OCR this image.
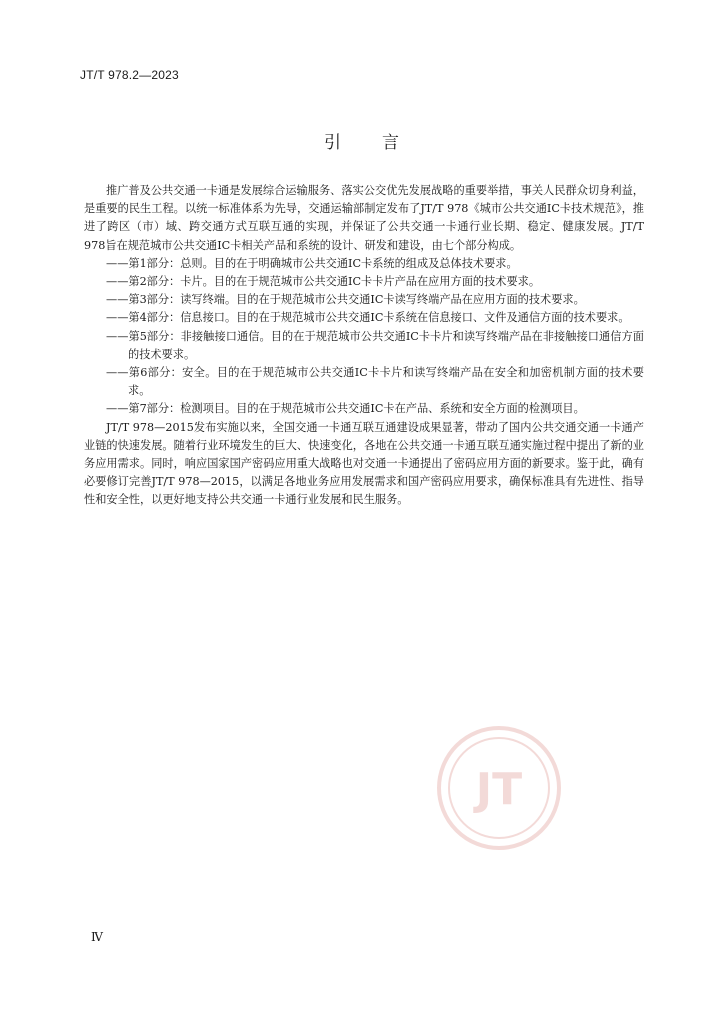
JT/T 978.2—2023
引 言

推广普及公共交通一卡通是发展综合运输服务、落实公交优先发展战略的重要举措，事关人民群众切身利益，是重要的民生工程。以统一标准体系为先导，交通运输部制定发布了JT/T 978《城市公共交通IC卡技术规范》，推进了跨区（市）域、跨交通方式互联互通的实现，并保证了公共交通一卡通行业长期、稳定、健康发展。JT/T 978旨在规范城市公共交通IC卡相关产品和系统的设计、研发和建设，由七个部分构成。

——第1部分：总则。目的在于明确城市公共交通IC卡系统的组成及总体技术要求。

——第2部分：卡片。目的在于规范城市公共交通IC卡卡片产品在应用方面的技术要求。

——第3部分：读写终端。目的在于规范城市公共交通IC卡读写终端产品在应用方面的技术要求。

——第4部分：信息接口。目的在于规范城市公共交通IC卡系统在信息接口、文件及通信方面的技术要求。

——第5部分：非接触接口通信。目的在于规范城市公共交通IC卡卡片和读写终端产品在非接触接口通信方面的技术要求。

——第6部分：安全。目的在于规范城市公共交通IC卡卡片和读写终端产品在安全和加密机制方面的技术要求。

——第7部分：检测项目。目的在于规范城市公共交通IC卡在产品、系统和安全方面的检测项目。

JT/T 978—2015发布实施以来，全国交通一卡通互联互通建设成果显著，带动了国内公共交通交通一卡通产业链的快速发展。随着行业环境发生的巨大、快速变化，各地在公共交通一卡通互联互通实施过程中提出了新的业务应用需求。同时，响应国家国产密码应用重大战略也对交通一卡通提出了密码应用方面的新要求。鉴于此，确有必要修订完善JT/T 978—2015，以满足各地业务应用发展需求和国产密码应用要求，确保标准具有先进性、指导性和安全性，以更好地支持公共交通一卡通行业发展和民生服务。

JT
Ⅳ
